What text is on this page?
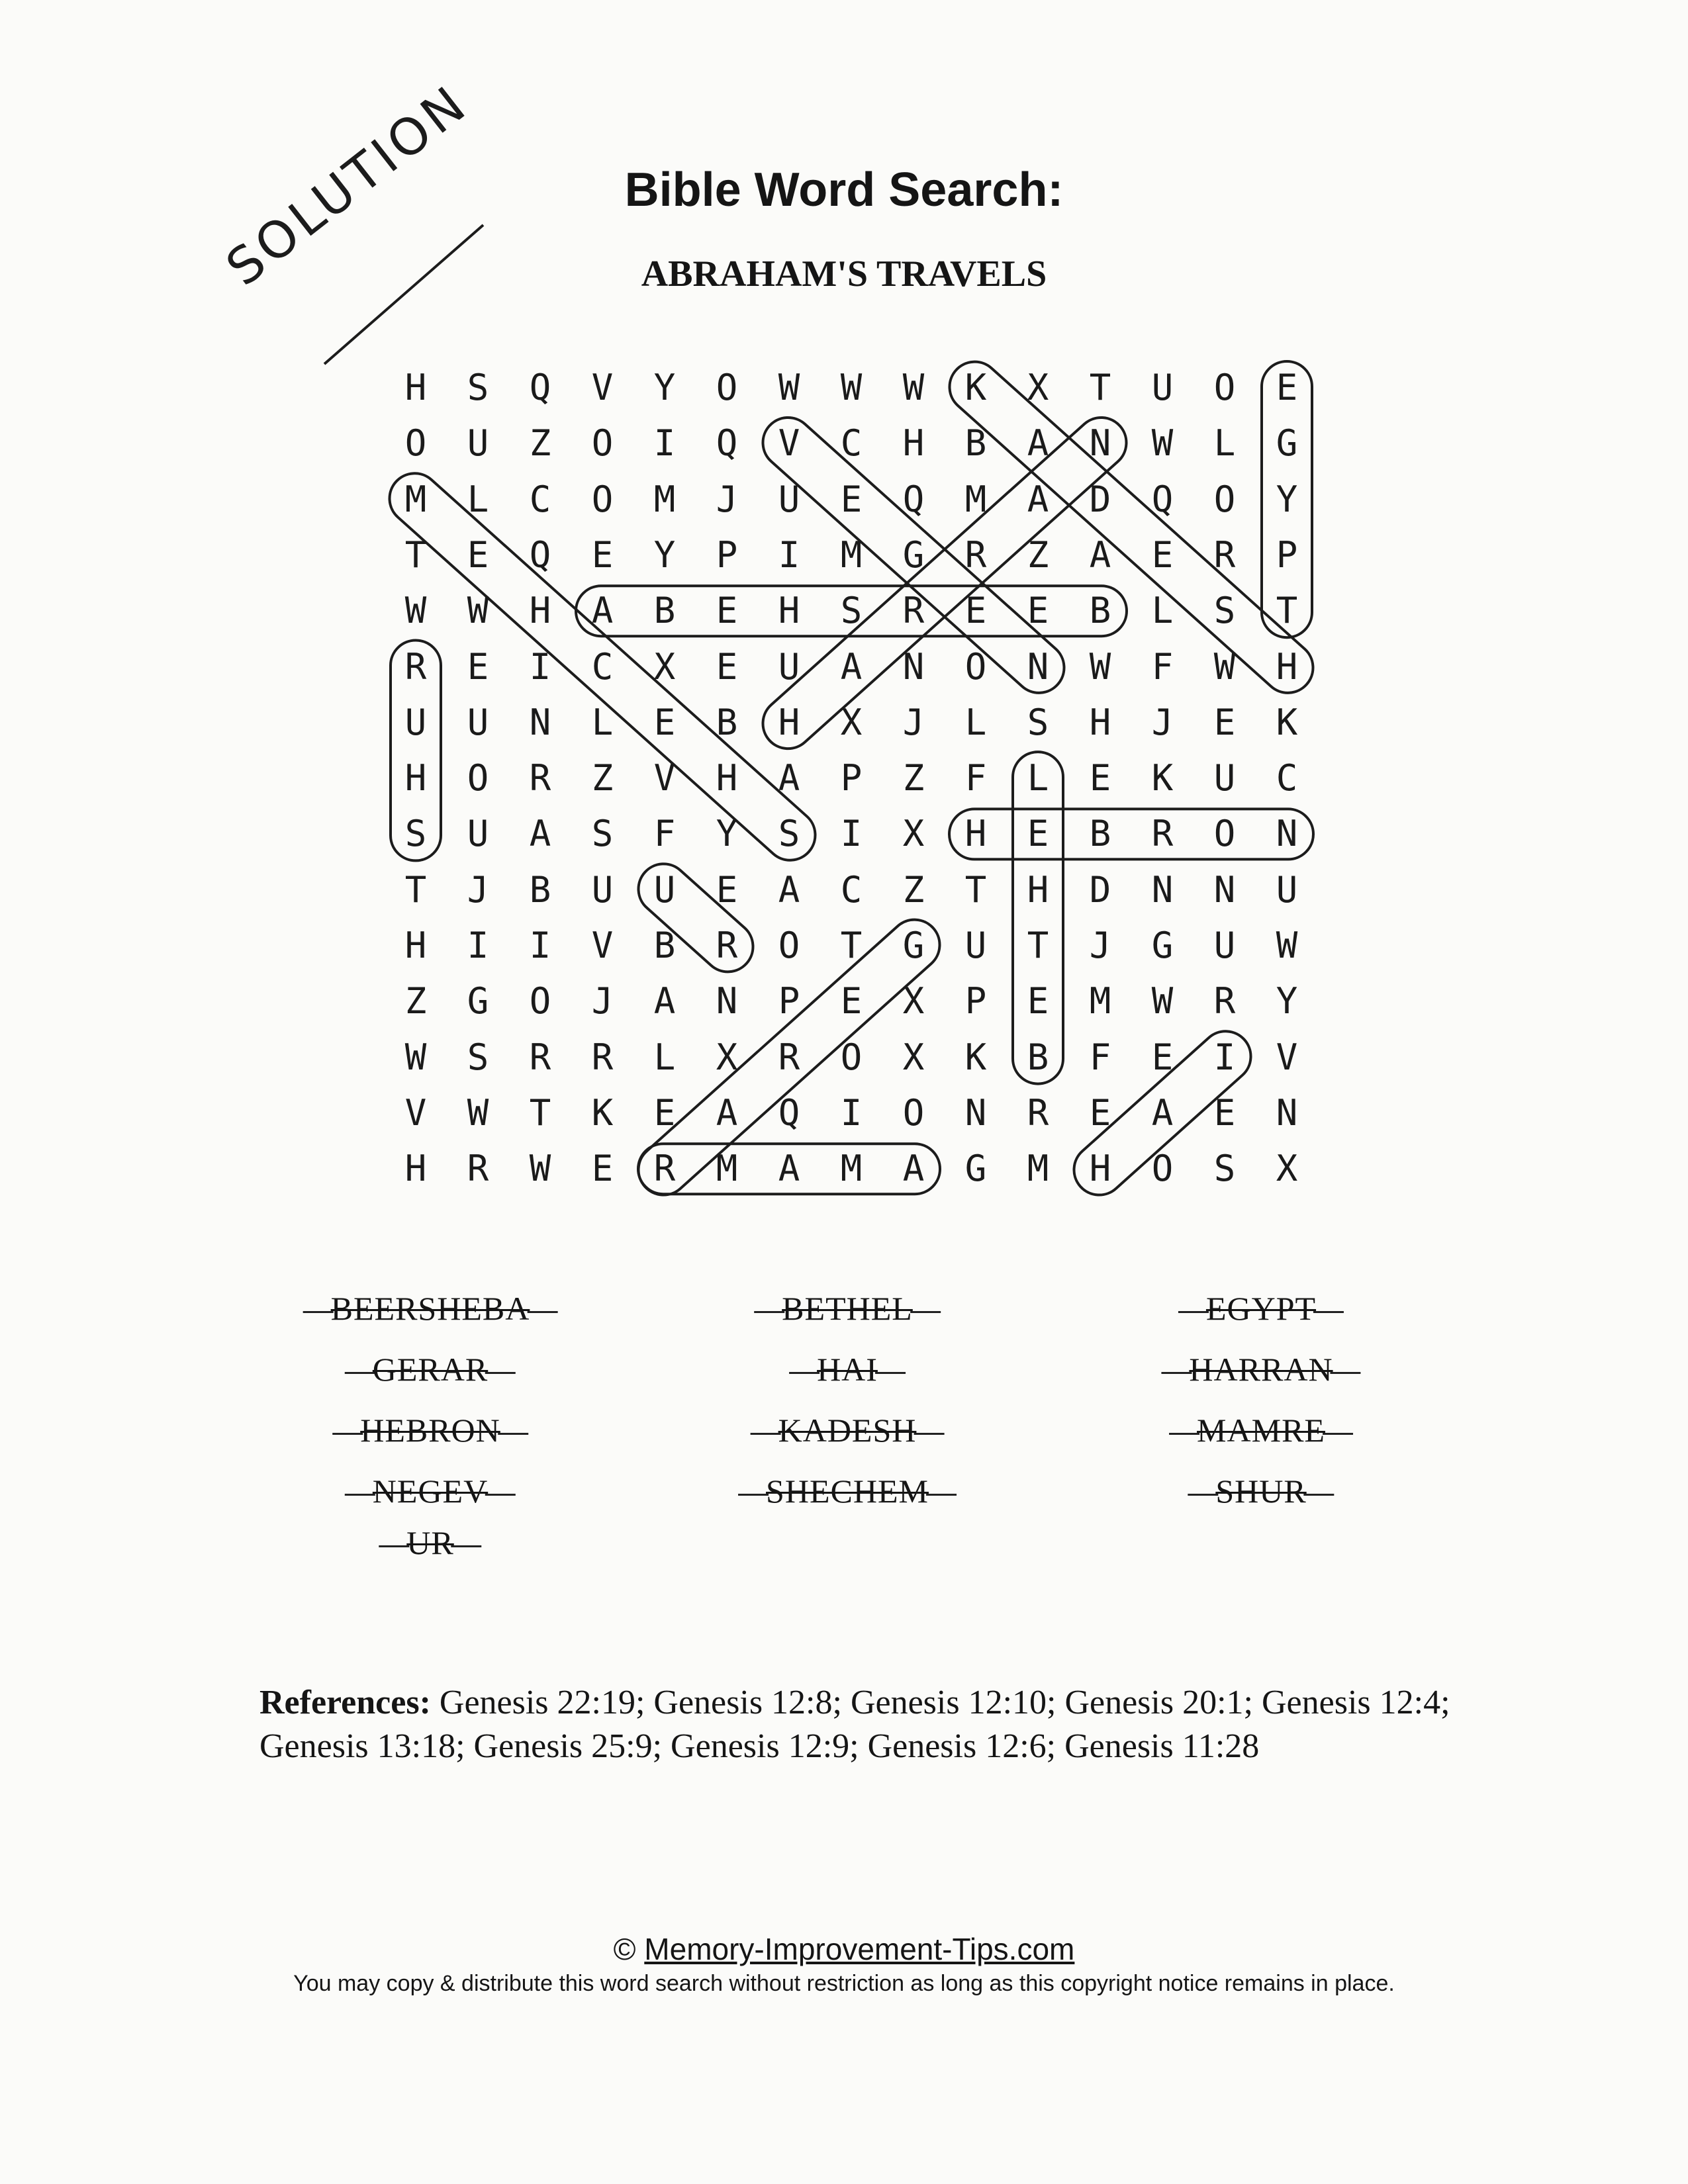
Bible Word Search:
ABRAHAM'S TRAVELS
SOLUTION
H	S	Q	V	Y	O	W	W	W	K	X	T	U	O	E
O	U	Z	O	I	Q	V	C	H	B	A	N	W	L	G
M	L	C	O	M	J	U	E	Q	M	A	D	Q	O	Y
T	E	Q	E	Y	P	I	M	G	R	Z	A	E	R	P
W	W	H	A	B	E	H	S	R	E	E	B	L	S	T
R	E	I	C	X	E	U	A	N	O	N	W	F	W	H
U	U	N	L	E	B	H	X	J	L	S	H	J	E	K
H	O	R	Z	V	H	A	P	Z	F	L	E	K	U	C
S	U	A	S	F	Y	S	I	X	H	E	B	R	O	N
T	J	B	U	U	E	A	C	Z	T	H	D	N	N	U
H	I	I	V	B	R	O	T	G	U	T	J	G	U	W
Z	G	O	J	A	N	P	E	X	P	E	M	W	R	Y
W	S	R	R	L	X	R	O	X	K	B	F	E	I	V
V	W	T	K	E	A	Q	I	O	N	R	E	A	E	N
H	R	W	E	R	M	A	M	A	G	M	H	O	S	X
BEERSHEBA	BETHEL	EGYPT
GERAR	HAI	HARRAN
HEBRON	KADESH	MAMRE
NEGEV	SHECHEM	SHUR
UR
References: Genesis 22:19; Genesis 12:8; Genesis 12:10; Genesis 20:1; Genesis 12:4; Genesis 13:18; Genesis 25:9; Genesis 12:9; Genesis 12:6; Genesis 11:28
© Memory-Improvement-Tips.com
You may copy & distribute this word search without restriction as long as this copyright notice remains in place.
